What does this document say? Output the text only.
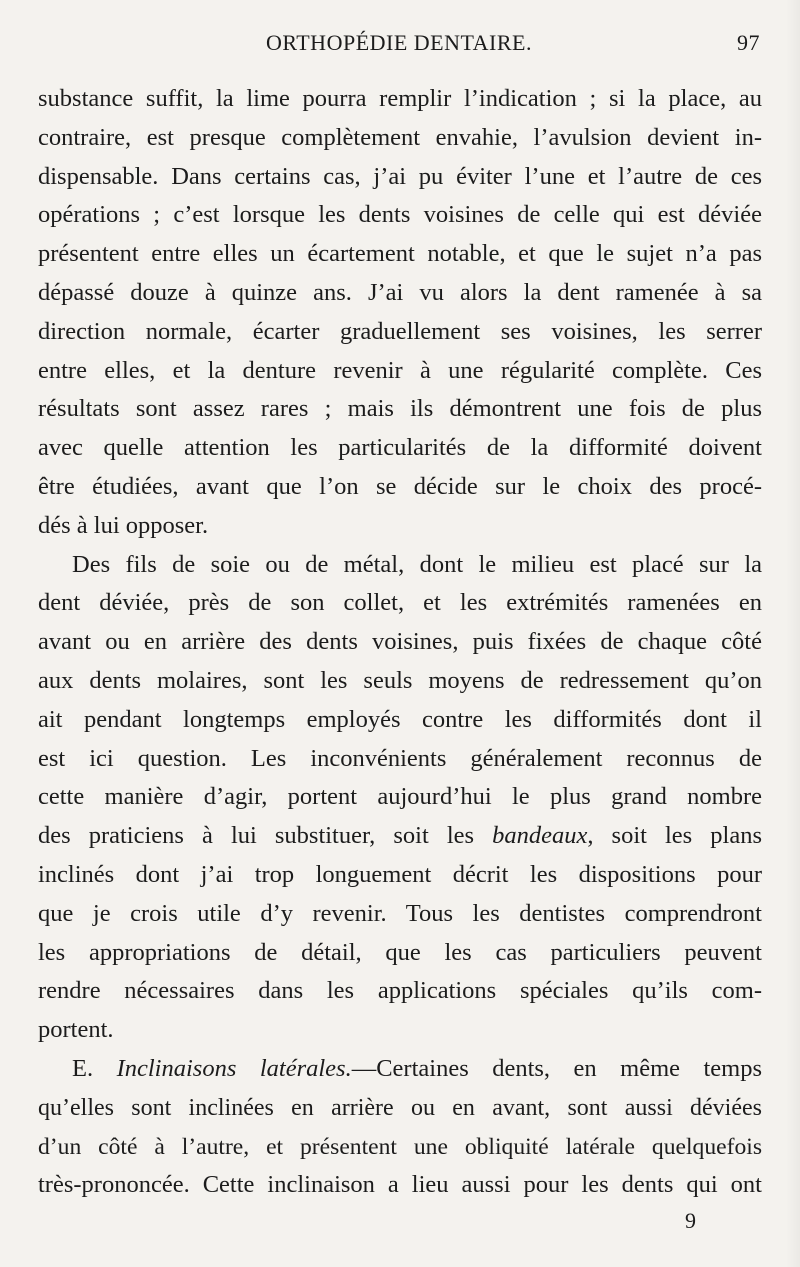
ORTHOPÉDIE DENTAIRE.	97
substance suffit, la lime pourra remplir l’indication ; si la place, au
contraire, est presque complètement envahie, l’avulsion devient in-
dispensable. Dans certains cas, j’ai pu éviter l’une et l’autre de ces
opérations ; c’est lorsque les dents voisines de celle qui est déviée
présentent entre elles un écartement notable, et que le sujet n’a pas
dépassé douze à quinze ans. J’ai vu alors la dent ramenée à sa
direction normale, écarter graduellement ses voisines, les serrer
entre elles, et la denture revenir à une régularité complète. Ces
résultats sont assez rares ; mais ils démontrent une fois de plus
avec quelle attention les particularités de la difformité doivent
être étudiées, avant que l’on se décide sur le choix des procé-
dés à lui opposer.
Des fils de soie ou de métal, dont le milieu est placé sur la
dent déviée, près de son collet, et les extrémités ramenées en
avant ou en arrière des dents voisines, puis fixées de chaque côté
aux dents molaires, sont les seuls moyens de redressement qu’on
ait pendant longtemps employés contre les difformités dont il
est ici question. Les inconvénients généralement reconnus de
cette manière d’agir, portent aujourd’hui le plus grand nombre
des praticiens à lui substituer, soit les bandeaux, soit les plans
inclinés dont j’ai trop longuement décrit les dispositions pour
que je crois utile d’y revenir. Tous les dentistes comprendront
les appropriations de détail, que les cas particuliers peuvent
rendre nécessaires dans les applications spéciales qu’ils com-
portent.
E. Inclinaisons latérales.—Certaines dents, en même temps
qu’elles sont inclinées en arrière ou en avant, sont aussi déviées
d’un côté à l’autre, et présentent une obliquité latérale quelquefois
très-prononcée. Cette inclinaison a lieu aussi pour les dents qui ont
9
